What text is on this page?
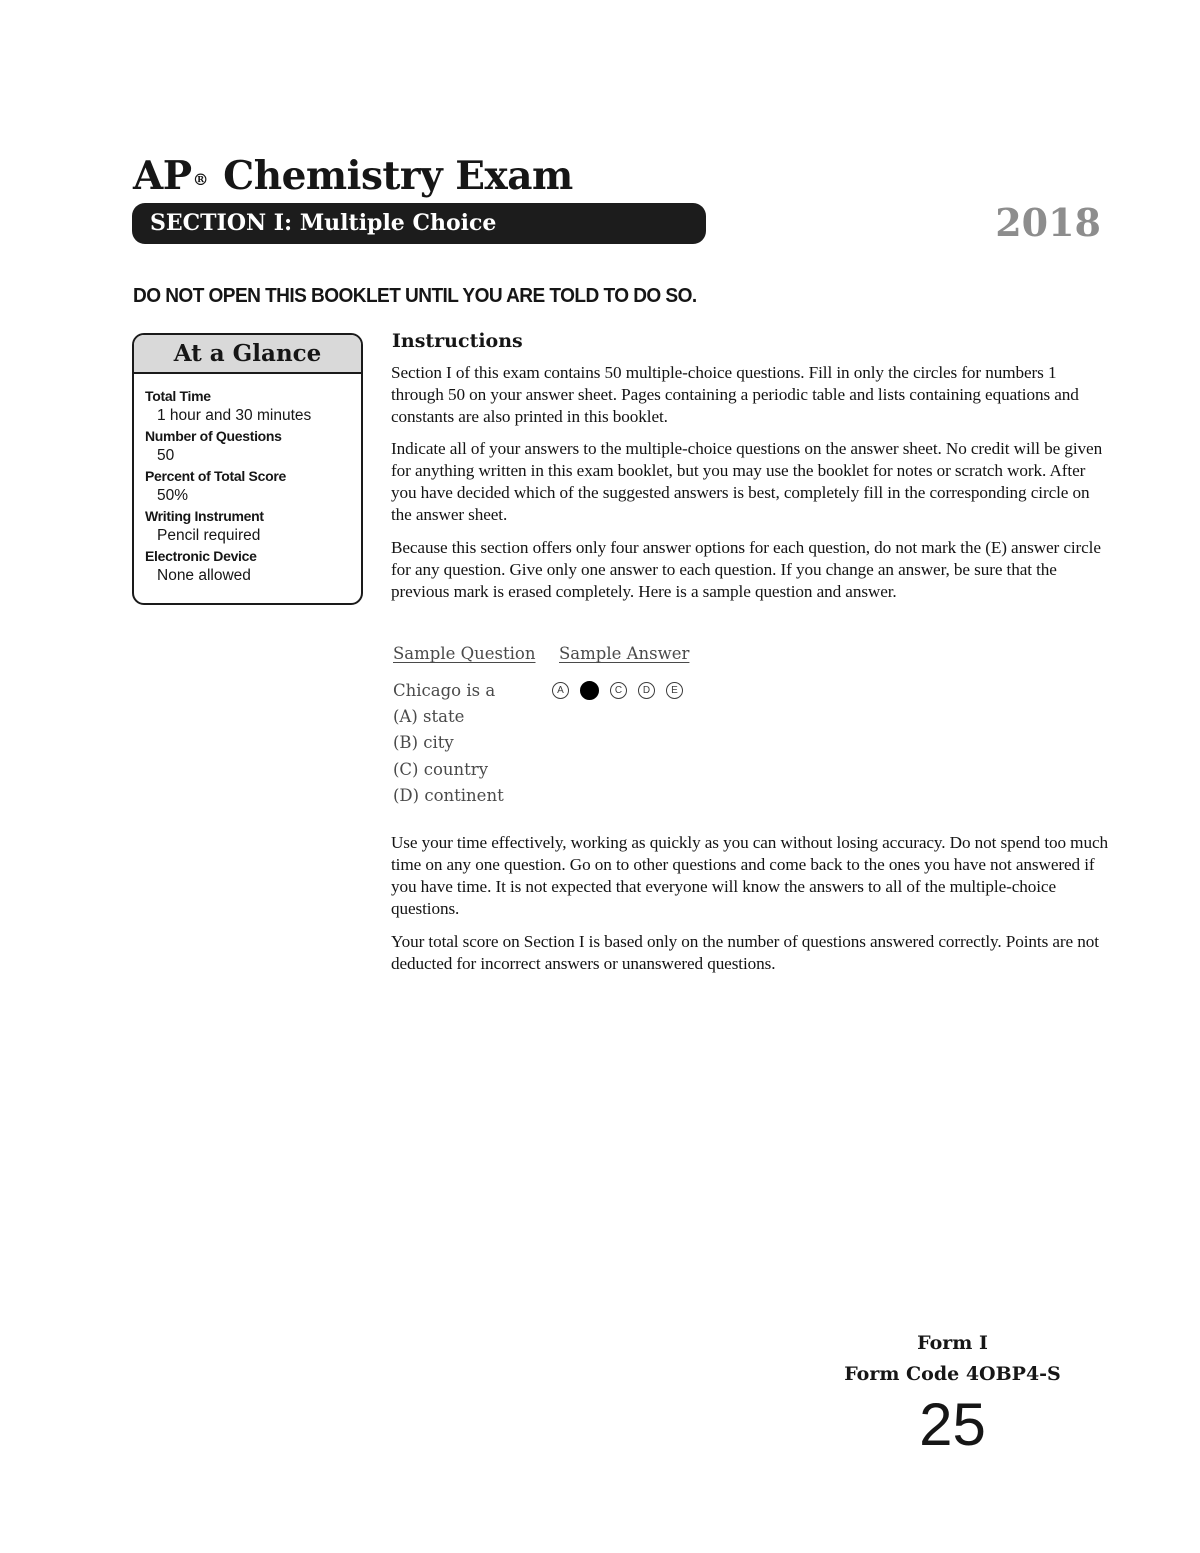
AP® Chemistry Exam
SECTION I: Multiple Choice	2018
DO NOT OPEN THIS BOOKLET UNTIL YOU ARE TOLD TO DO SO.
At a Glance
Total Time
1 hour and 30 minutes
Number of Questions
50
Percent of Total Score
50%
Writing Instrument
Pencil required
Electronic Device
None allowed
Instructions

Section I of this exam contains 50 multiple-choice questions. Fill in only the circles for numbers 1 through 50 on your answer sheet. Pages containing a periodic table and lists containing equations and constants are also printed in this booklet.

Indicate all of your answers to the multiple-choice questions on the answer sheet. No credit will be given for anything written in this exam booklet, but you may use the booklet for notes or scratch work. After you have decided which of the suggested answers is best, completely fill in the corresponding circle on the answer sheet.

Because this section offers only four answer options for each question, do not mark the (E) answer circle for any question. Give only one answer to each question. If you change an answer, be sure that the previous mark is erased completely. Here is a sample question and answer.

Sample Question Sample Answer
Chicago is a
(A) state
(B) city
(C) country
(D) continent
A	C	D	E

Use your time effectively, working as quickly as you can without losing accuracy. Do not spend too much time on any one question. Go on to other questions and come back to the ones you have not answered if you have time. It is not expected that everyone will know the answers to all of the multiple-choice questions.

Your total score on Section I is based only on the number of questions answered correctly. Points are not deducted for incorrect answers or unanswered questions.

Form I
Form Code 4OBP4-S
25
